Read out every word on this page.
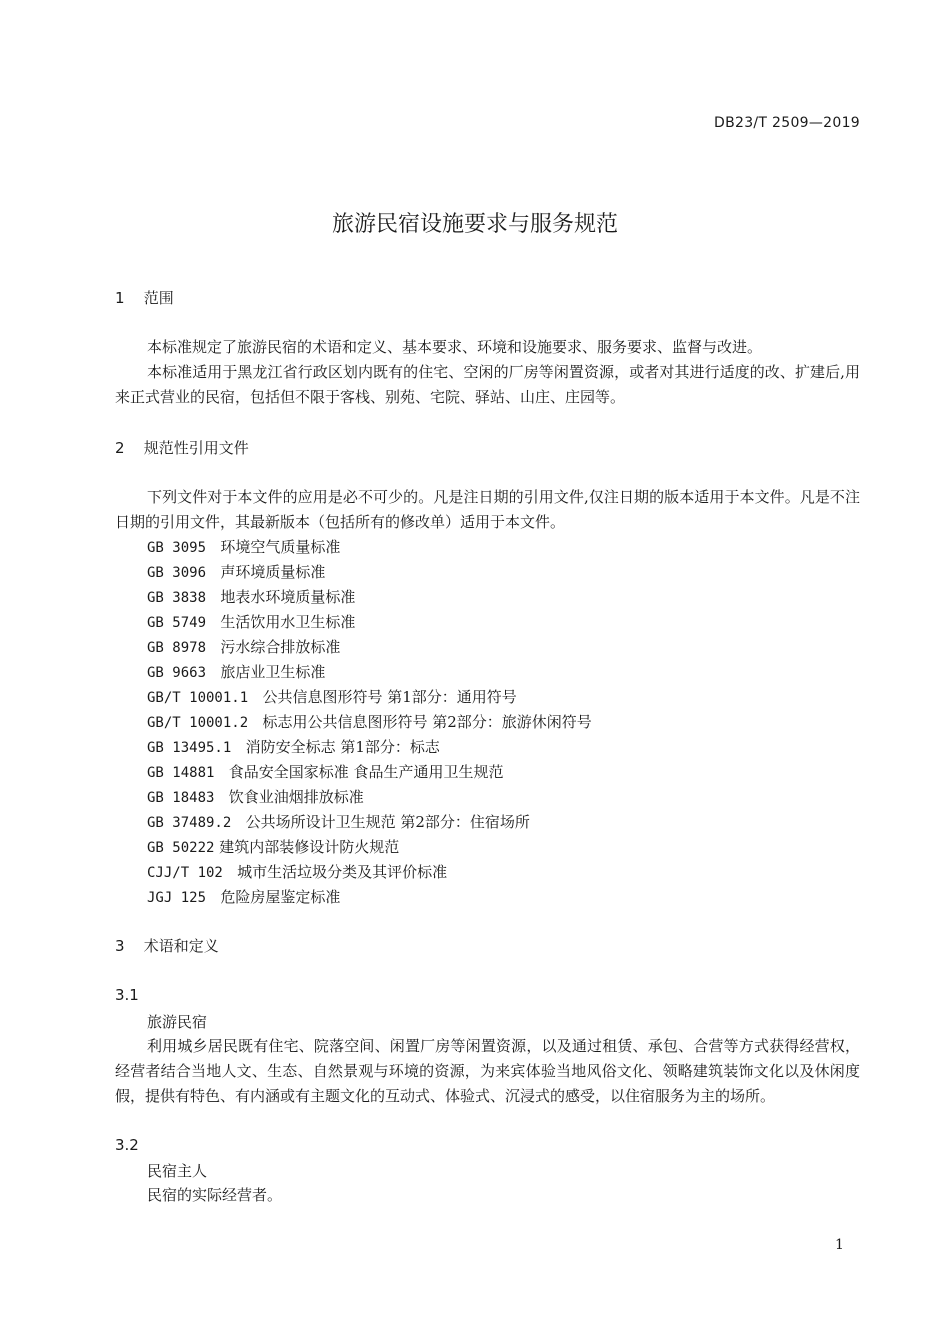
DB23/T 2509—2019
旅游民宿设施要求与服务规范
1 范围
本标准规定了旅游民宿的术语和定义、基本要求、环境和设施要求、服务要求、监督与改进。
本标准适用于黑龙江省行政区划内既有的住宅、空闲的厂房等闲置资源，或者对其进行适度的改、扩建后,用来正式营业的民宿，包括但不限于客栈、别苑、宅院、驿站、山庄、庄园等。
2 规范性引用文件
下列文件对于本文件的应用是必不可少的。凡是注日期的引用文件,仅注日期的版本适用于本文件。凡是不注日期的引用文件，其最新版本（包括所有的修改单）适用于本文件。
GB 3095 环境空气质量标准
GB 3096 声环境质量标准
GB 3838 地表水环境质量标准
GB 5749 生活饮用水卫生标准
GB 8978 污水综合排放标准
GB 9663 旅店业卫生标准
GB/T 10001.1 公共信息图形符号 第1部分：通用符号
GB/T 10001.2 标志用公共信息图形符号 第2部分：旅游休闲符号
GB 13495.1 消防安全标志 第1部分：标志
GB 14881 食品安全国家标准 食品生产通用卫生规范
GB 18483 饮食业油烟排放标准
GB 37489.2 公共场所设计卫生规范 第2部分：住宿场所
GB 50222 建筑内部装修设计防火规范
CJJ/T 102 城市生活垃圾分类及其评价标准
JGJ 125 危险房屋鉴定标准
3 术语和定义
3.1
旅游民宿
利用城乡居民既有住宅、院落空间、闲置厂房等闲置资源，以及通过租赁、承包、合营等方式获得经营权，经营者结合当地人文、生态、自然景观与环境的资源，为来宾体验当地风俗文化、领略建筑装饰文化以及休闲度假，提供有特色、有内涵或有主题文化的互动式、体验式、沉浸式的感受，以住宿服务为主的场所。
3.2
民宿主人
民宿的实际经营者。
1
